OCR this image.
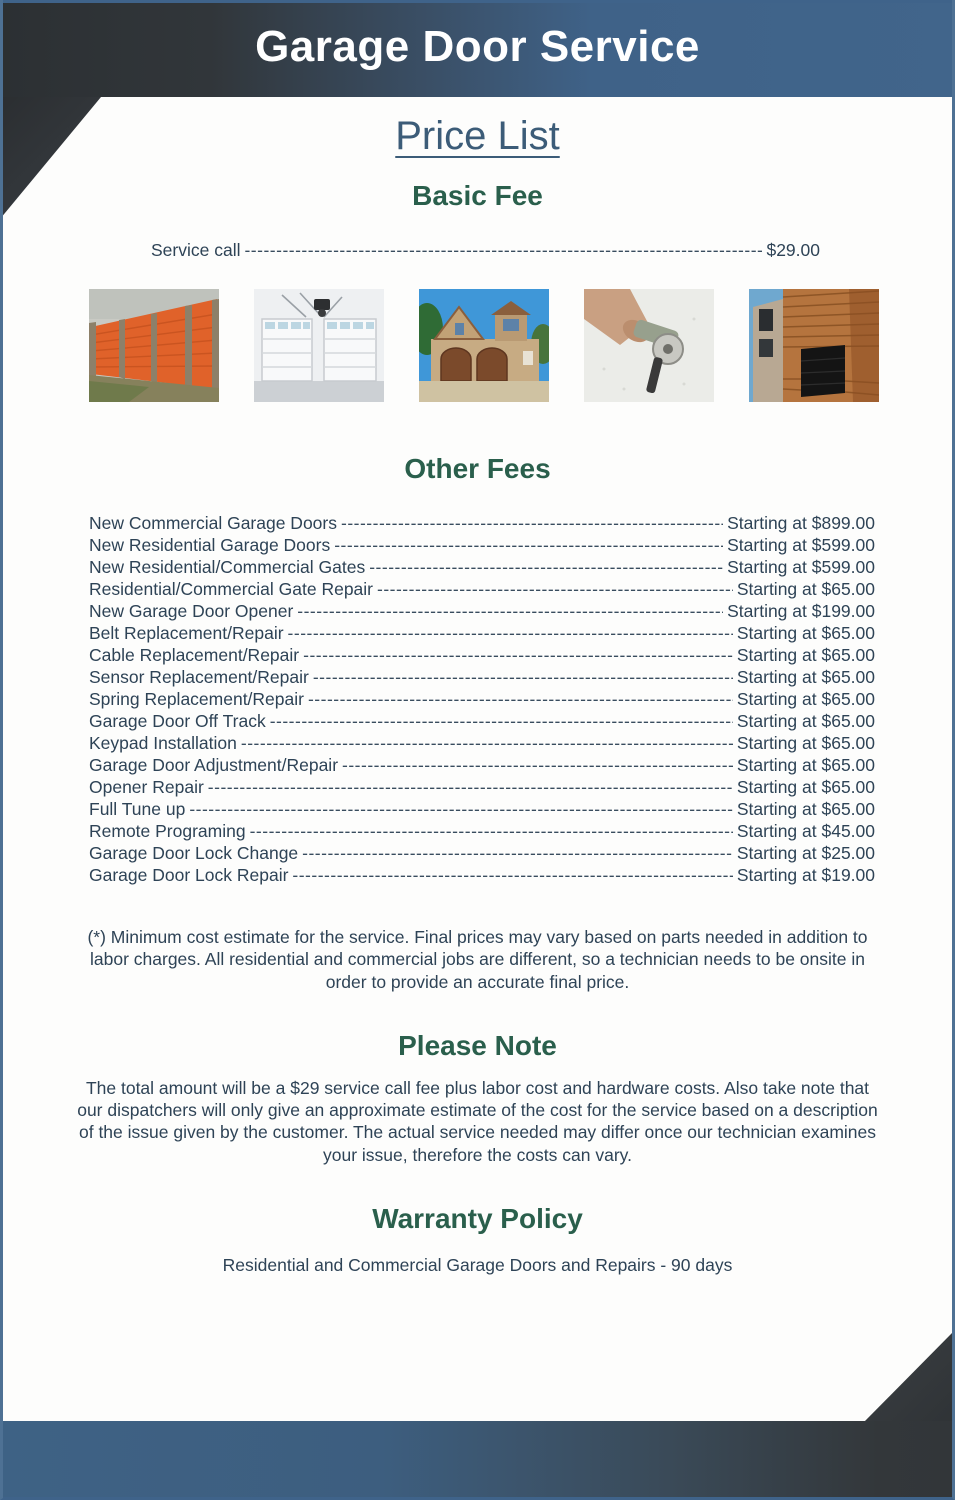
Garage Door Service
Price List
Basic Fee
Service call -----	$29.00
Other Fees
New Commercial Garage Doors -----	Starting at $899.00
New Residential Garage Doors -----	Starting at $599.00
New Residential/Commercial Gates -----	Starting at $599.00
Residential/Commercial Gate Repair -----	Starting at $65.00
New Garage Door Opener -----	Starting at $199.00
Belt Replacement/Repair -----	Starting at $65.00
Cable Replacement/Repair -----	Starting at $65.00
Sensor Replacement/Repair -----	Starting at $65.00
Spring Replacement/Repair -----	Starting at $65.00
Garage Door Off Track -----	Starting at $65.00
Keypad Installation -----	Starting at $65.00
Garage Door Adjustment/Repair -----	Starting at $65.00
Opener Repair -----	Starting at $65.00
Full Tune up -----	Starting at $65.00
Remote Programing -----	Starting at $45.00
Garage Door Lock Change -----	Starting at $25.00
Garage Door Lock Repair -----	Starting at $19.00
(*) Minimum cost estimate for the service. Final prices may vary based on parts needed in addition to labor charges. All residential and commercial jobs are different, so a technician needs to be onsite in order to provide an accurate final price.
Please Note
The total amount will be a $29 service call fee plus labor cost and hardware costs. Also take note that our dispatchers will only give an approximate estimate of the cost for the service based on a description of the issue given by the customer. The actual service needed may differ once our technician examines your issue, therefore the costs can vary.
Warranty Policy
Residential and Commercial Garage Doors and Repairs - 90 days
